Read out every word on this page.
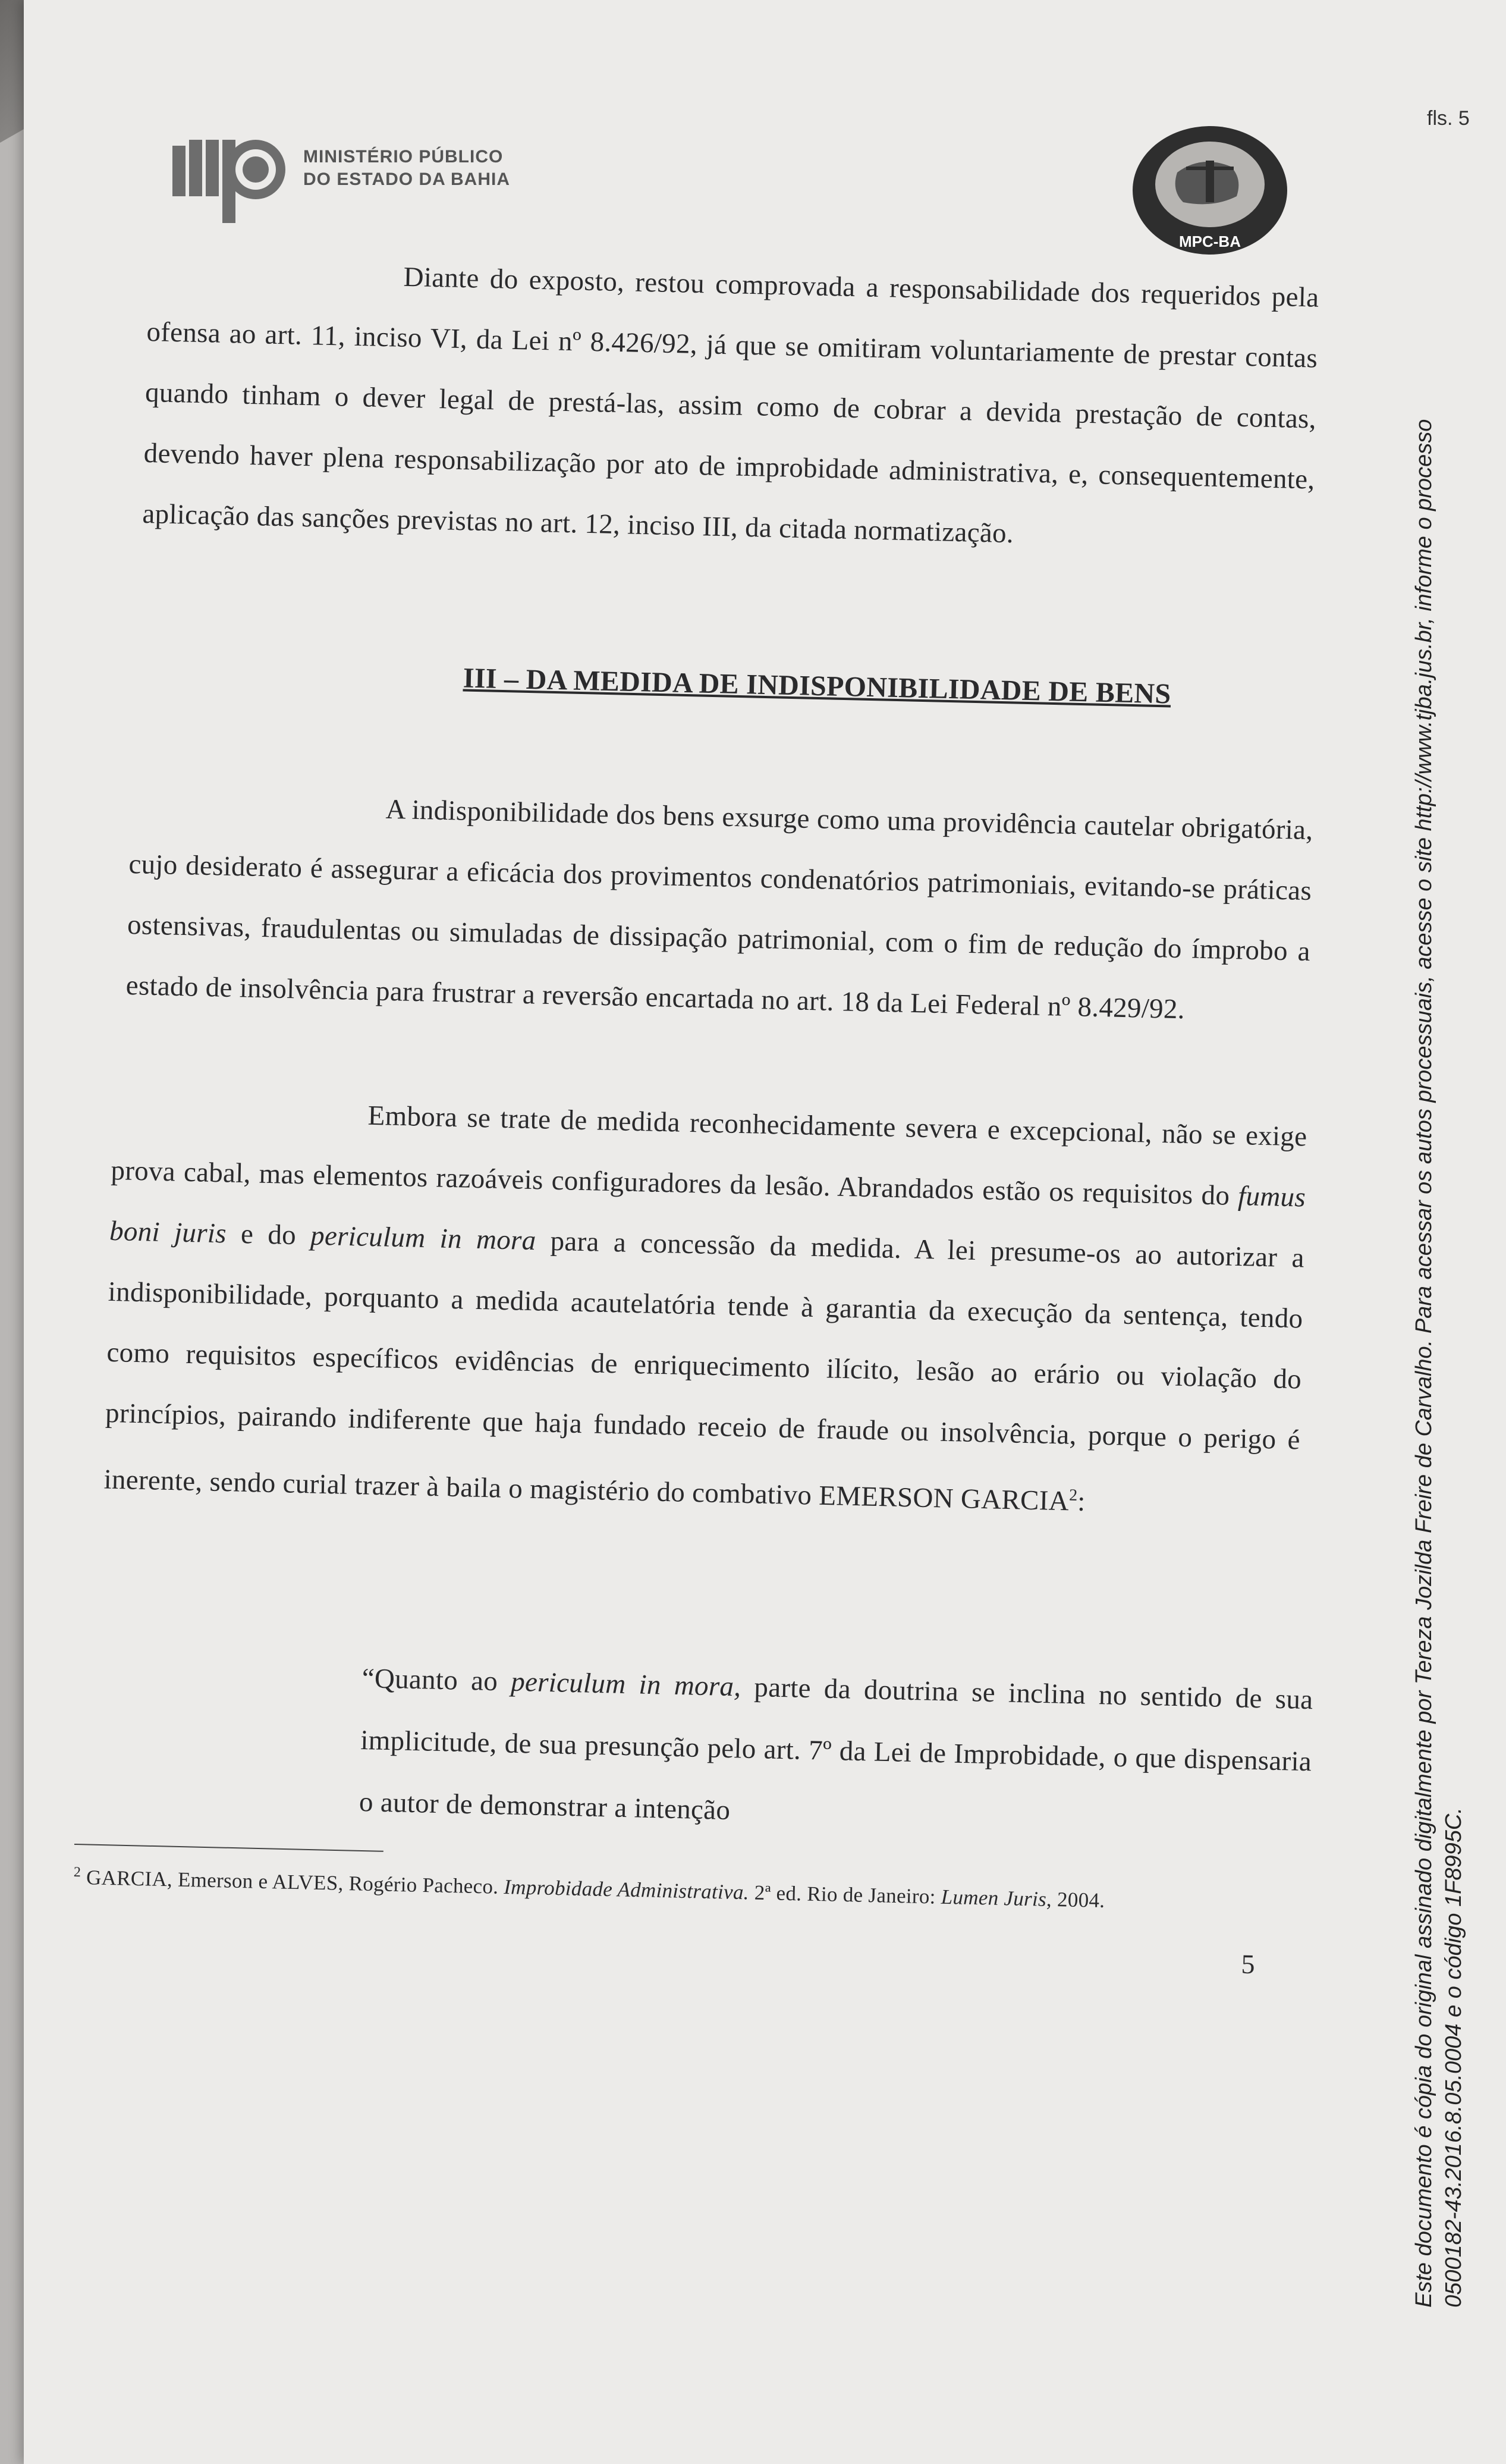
fls. 5
MINISTÉRIO PÚBLICO
DO ESTADO DA BAHIA
MPC-BA

Diante do exposto, restou comprovada a responsabilidade dos requeridos pela ofensa ao art. 11, inciso VI, da Lei nº 8.426/92, já que se omitiram voluntariamente de prestar contas quando tinham o dever legal de prestá-las, assim como de cobrar a devida prestação de contas, devendo haver plena responsabilização por ato de improbidade administrativa, e, consequentemente, aplicação das sanções previstas no art. 12, inciso III, da citada normatização.

III – DA MEDIDA DE INDISPONIBILIDADE DE BENS

A indisponibilidade dos bens exsurge como uma providência cautelar obrigatória, cujo desiderato é assegurar a eficácia dos provimentos condenatórios patrimoniais, evitando-se práticas ostensivas, fraudulentas ou simuladas de dissipação patrimonial, com o fim de redução do ímprobo a estado de insolvência para frustrar a reversão encartada no art. 18 da Lei Federal nº 8.429/92.

Embora se trate de medida reconhecidamente severa e excepcional, não se exige prova cabal, mas elementos razoáveis configuradores da lesão. Abrandados estão os requisitos do fumus boni juris e do periculum in mora para a concessão da medida. A lei presume-os ao autorizar a indisponibilidade, porquanto a medida acautelatória tende à garantia da execução da sentença, tendo como requisitos específicos evidências de enriquecimento ilícito, lesão ao erário ou violação do princípios, pairando indiferente que haja fundado receio de fraude ou insolvência, porque o perigo é inerente, sendo curial trazer à baila o magistério do combativo EMERSON GARCIA$^2$:

“Quanto ao periculum in mora, parte da doutrina se inclina no sentido de sua implicitude, de sua presunção pelo art. 7º da Lei de Improbidade, o que dispensaria o autor de demonstrar a intenção

$^2$ GARCIA, Emerson e ALVES, Rogério Pacheco. Improbidade Administrativa. 2ª ed. Rio de Janeiro: Lumen Juris, 2004.
5	Este documento é cópia do original assinado digitalmente por Tereza Jozilda Freire de Carvalho. Para acessar os autos processuais, acesse o site http://www.tjba.jus.br, informe o processo 0500182-43.2016.8.05.0004 e o código 1F8995C.
